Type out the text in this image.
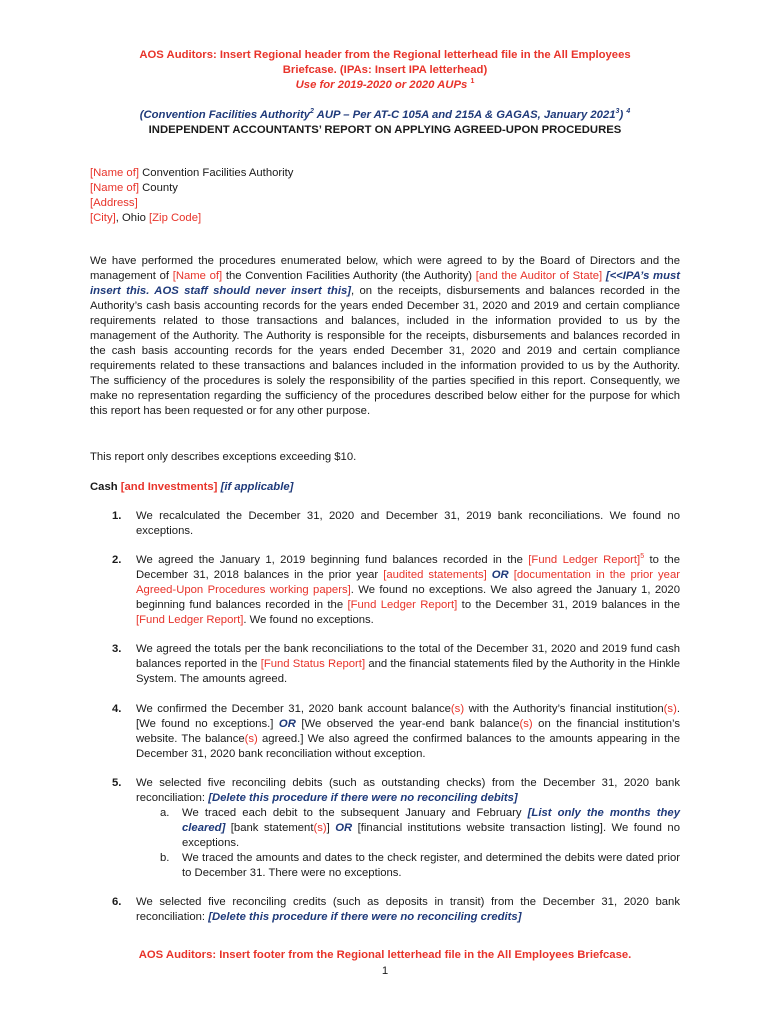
AOS Auditors: Insert Regional header from the Regional letterhead file in the All Employees
Briefcase. (IPAs: Insert IPA letterhead)
Use for 2019-2020 or 2020 AUPs $^1$
(Convention Facilities Authority$^2$ AUP – Per AT-C 105A and 215A & GAGAS, January 2021$^3$) $^4$
INDEPENDENT ACCOUNTANTS’ REPORT ON APPLYING AGREED-UPON PROCEDURES
[Name of] Convention Facilities Authority
[Name of] County
[Address]
[City], Ohio [Zip Code]
We have performed the procedures enumerated below, which were agreed to by the Board of Directors and the management of [Name of] the Convention Facilities Authority (the Authority) [and the Auditor of State] [<<IPA’s must insert this. AOS staff should never insert this], on the receipts, disbursements and balances recorded in the Authority’s cash basis accounting records for the years ended December 31, 2020 and 2019 and certain compliance requirements related to those transactions and balances, included in the information provided to us by the management of the Authority. The Authority is responsible for the receipts, disbursements and balances recorded in the cash basis accounting records for the years ended December 31, 2020 and 2019 and certain compliance requirements related to these transactions and balances included in the information provided to us by the Authority. The sufficiency of the procedures is solely the responsibility of the parties specified in this report. Consequently, we make no representation regarding the sufficiency of the procedures described below either for the purpose for which this report has been requested or for any other purpose.
This report only describes exceptions exceeding $10.
Cash [and Investments] [if applicable]
1. We recalculated the December 31, 2020 and December 31, 2019 bank reconciliations. We found no exceptions.
2. We agreed the January 1, 2019 beginning fund balances recorded in the [Fund Ledger Report]$^5$ to the December 31, 2018 balances in the prior year [audited statements] OR [documentation in the prior year Agreed-Upon Procedures working papers]. We found no exceptions. We also agreed the January 1, 2020 beginning fund balances recorded in the [Fund Ledger Report] to the December 31, 2019 balances in the [Fund Ledger Report]. We found no exceptions.
3. We agreed the totals per the bank reconciliations to the total of the December 31, 2020 and 2019 fund cash balances reported in the [Fund Status Report] and the financial statements filed by the Authority in the Hinkle System. The amounts agreed.
4. We confirmed the December 31, 2020 bank account balance(s) with the Authority’s financial institution(s). [We found no exceptions.] OR [We observed the year-end bank balance(s) on the financial institution’s website. The balance(s) agreed.] We also agreed the confirmed balances to the amounts appearing in the December 31, 2020 bank reconciliation without exception.
5. We selected five reconciling debits (such as outstanding checks) from the December 31, 2020 bank reconciliation: [Delete this procedure if there were no reconciling debits]
a. We traced each debit to the subsequent January and February [List only the months they cleared] [bank statement(s)] OR [financial institutions website transaction listing]. We found no exceptions.
b. We traced the amounts and dates to the check register, and determined the debits were dated prior to December 31. There were no exceptions.
6. We selected five reconciling credits (such as deposits in transit) from the December 31, 2020 bank reconciliation: [Delete this procedure if there were no reconciling credits]
AOS Auditors: Insert footer from the Regional letterhead file in the All Employees Briefcase.
1
